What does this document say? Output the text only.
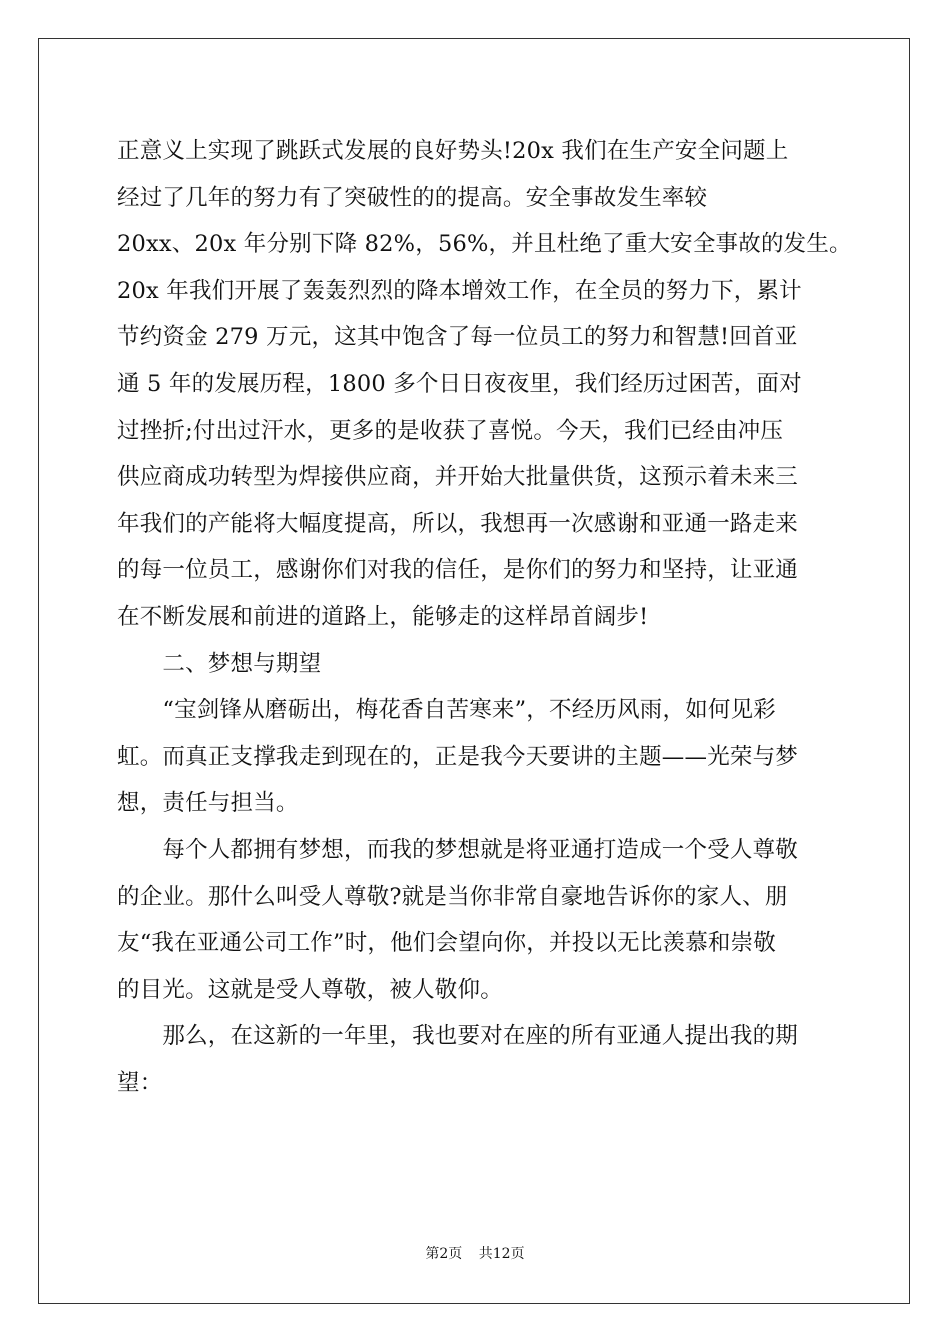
正意义上实现了跳跃式发展的良好势头!20x 我们在生产安全问题上
经过了几年的努力有了突破性的的提高。安全事故发生率较
20xx、20x 年分别下降 82%，56%，并且杜绝了重大安全事故的发生。
20x 年我们开展了轰轰烈烈的降本增效工作，在全员的努力下，累计
节约资金 279 万元，这其中饱含了每一位员工的努力和智慧!回首亚
通 5 年的发展历程，1800 多个日日夜夜里，我们经历过困苦，面对
过挫折;付出过汗水，更多的是收获了喜悦。今天，我们已经由冲压
供应商成功转型为焊接供应商，并开始大批量供货，这预示着未来三
年我们的产能将大幅度提高，所以，我想再一次感谢和亚通一路走来
的每一位员工，感谢你们对我的信任，是你们的努力和坚持，让亚通
在不断发展和前进的道路上，能够走的这样昂首阔步!
　　二、梦想与期望
　　“宝剑锋从磨砺出，梅花香自苦寒来”，不经历风雨，如何见彩
虹。而真正支撑我走到现在的，正是我今天要讲的主题——光荣与梦
想，责任与担当。
　　每个人都拥有梦想，而我的梦想就是将亚通打造成一个受人尊敬
的企业。那什么叫受人尊敬?就是当你非常自豪地告诉你的家人、朋
友“我在亚通公司工作”时，他们会望向你，并投以无比羡慕和崇敬
的目光。这就是受人尊敬，被人敬仰。
　　那么，在这新的一年里，我也要对在座的所有亚通人提出我的期
望：
第2页 共12页
